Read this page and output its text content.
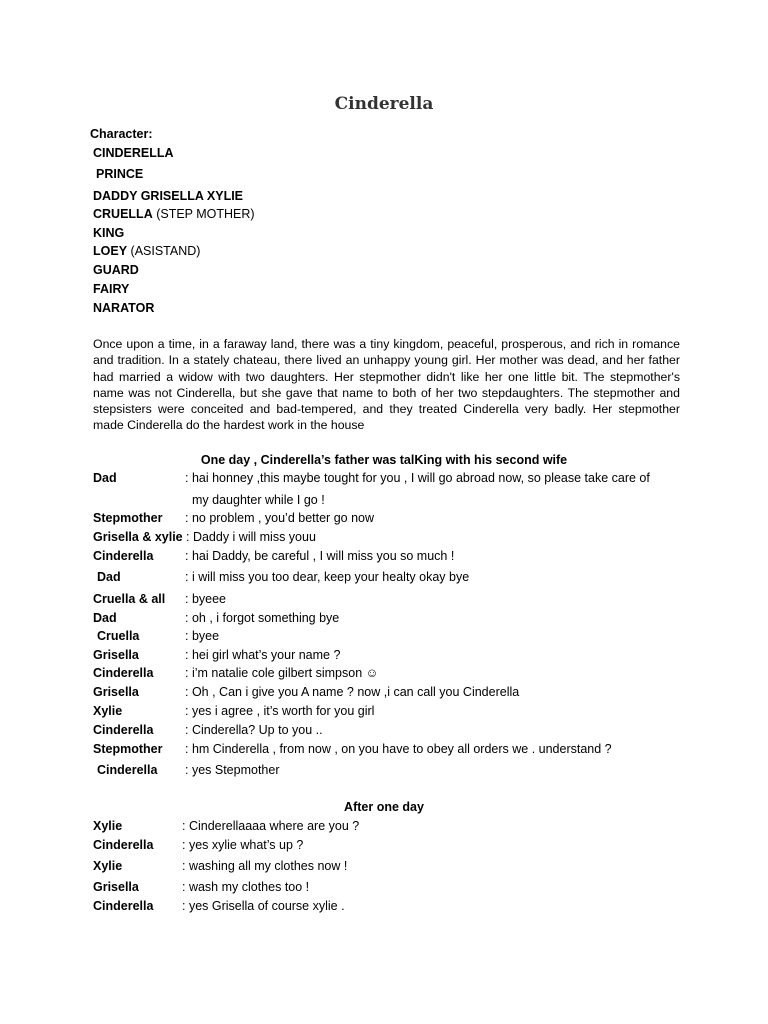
Cinderella
Character:
CINDERELLA
PRINCE
DADDY GRISELLA XYLIE
CRUELLA (STEP MOTHER)
KING
LOEY (ASISTAND)
GUARD
FAIRY
NARATOR
Once upon a time, in a faraway land, there was a tiny kingdom, peaceful, prosperous, and rich in romance and tradition. In a stately chateau, there lived an unhappy young girl. Her mother was dead, and her father had married a widow with two daughters. Her stepmother didn't like her one little bit. The stepmother's name was not Cinderella, but she gave that name to both of her two stepdaughters. The stepmother and stepsisters were conceited and bad-tempered, and they treated Cinderella very badly. Her stepmother made Cinderella do the hardest work in the house
One day , Cinderella’s father was talKing with his second wife
Dad	: hai honney ,this maybe tought for you , I will go abroad now, so please take care of
my daughter while I go !
Stepmother : no problem , you’d better go now
Grisella & xylie : Daddy i will miss youu
Cinderella	: hai Daddy, be careful , I will miss you so much !
Dad	: i will miss you too dear, keep your healty okay bye
Cruella & all : byeee
Dad	: oh , i forgot something bye
Cruella	: byee
Grisella	: hei girl what’s your name ?
Cinderella	: i’m natalie cole gilbert simpson ☺
Grisella	: Oh , Can i give you A name ? now ,i can call you Cinderella
Xylie	: yes i agree , it’s worth for you girl
Cinderella	: Cinderella? Up to you ..
Stepmother : hm Cinderella , from now , on you have to obey all orders we . understand ?
Cinderella : yes Stepmother
After one day
Xylie	: Cinderellaaaa where are you ?
Cinderella : yes xylie what’s up ?
Xylie	: washing all my clothes now !
Grisella	: wash my clothes too !
Cinderella : yes Grisella of course xylie .
